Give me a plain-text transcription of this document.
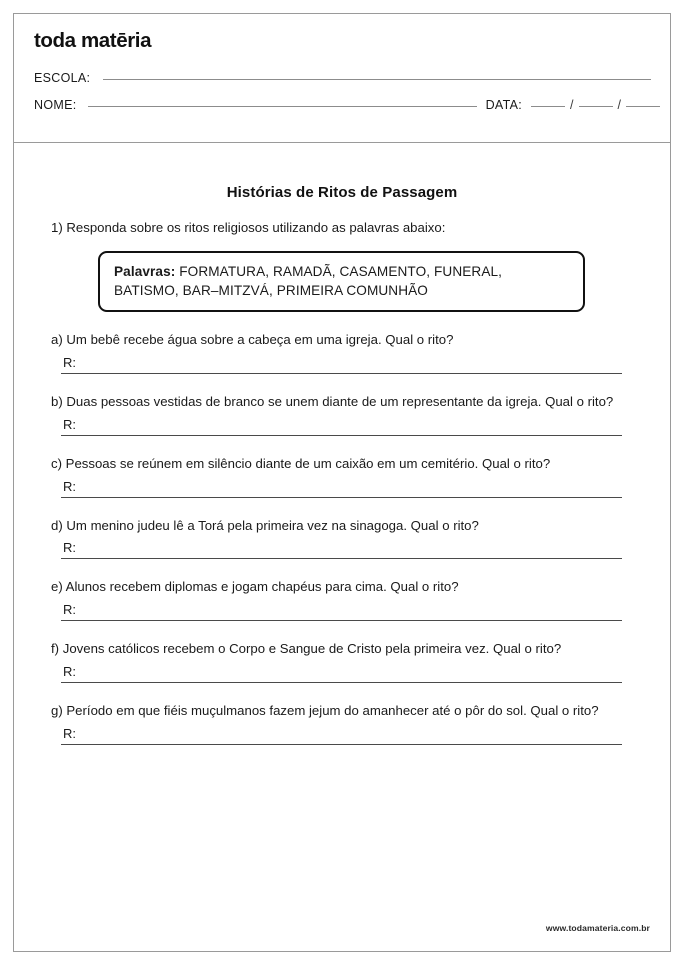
toda matēria
ESCOLA:
NOME:	DATA:	/	/
Histórias de Ritos de Passagem
1) Responda sobre os ritos religiosos utilizando as palavras abaixo:
Palavras: FORMATURA, RAMADÃ, CASAMENTO, FUNERAL, BATISMO, BAR–MITZVÁ, PRIMEIRA COMUNHÃO
a) Um bebê recebe água sobre a cabeça em uma igreja. Qual o rito?
R:
b) Duas pessoas vestidas de branco se unem diante de um representante da igreja. Qual o rito?
R:
c) Pessoas se reúnem em silêncio diante de um caixão em um cemitério. Qual o rito?
R:
d) Um menino judeu lê a Torá pela primeira vez na sinagoga. Qual o rito?
R:
e) Alunos recebem diplomas e jogam chapéus para cima. Qual o rito?
R:
f) Jovens católicos recebem o Corpo e Sangue de Cristo pela primeira vez. Qual o rito?
R:
g) Período em que fiéis muçulmanos fazem jejum do amanhecer até o pôr do sol. Qual o rito?
R:
www.todamateria.com.br
